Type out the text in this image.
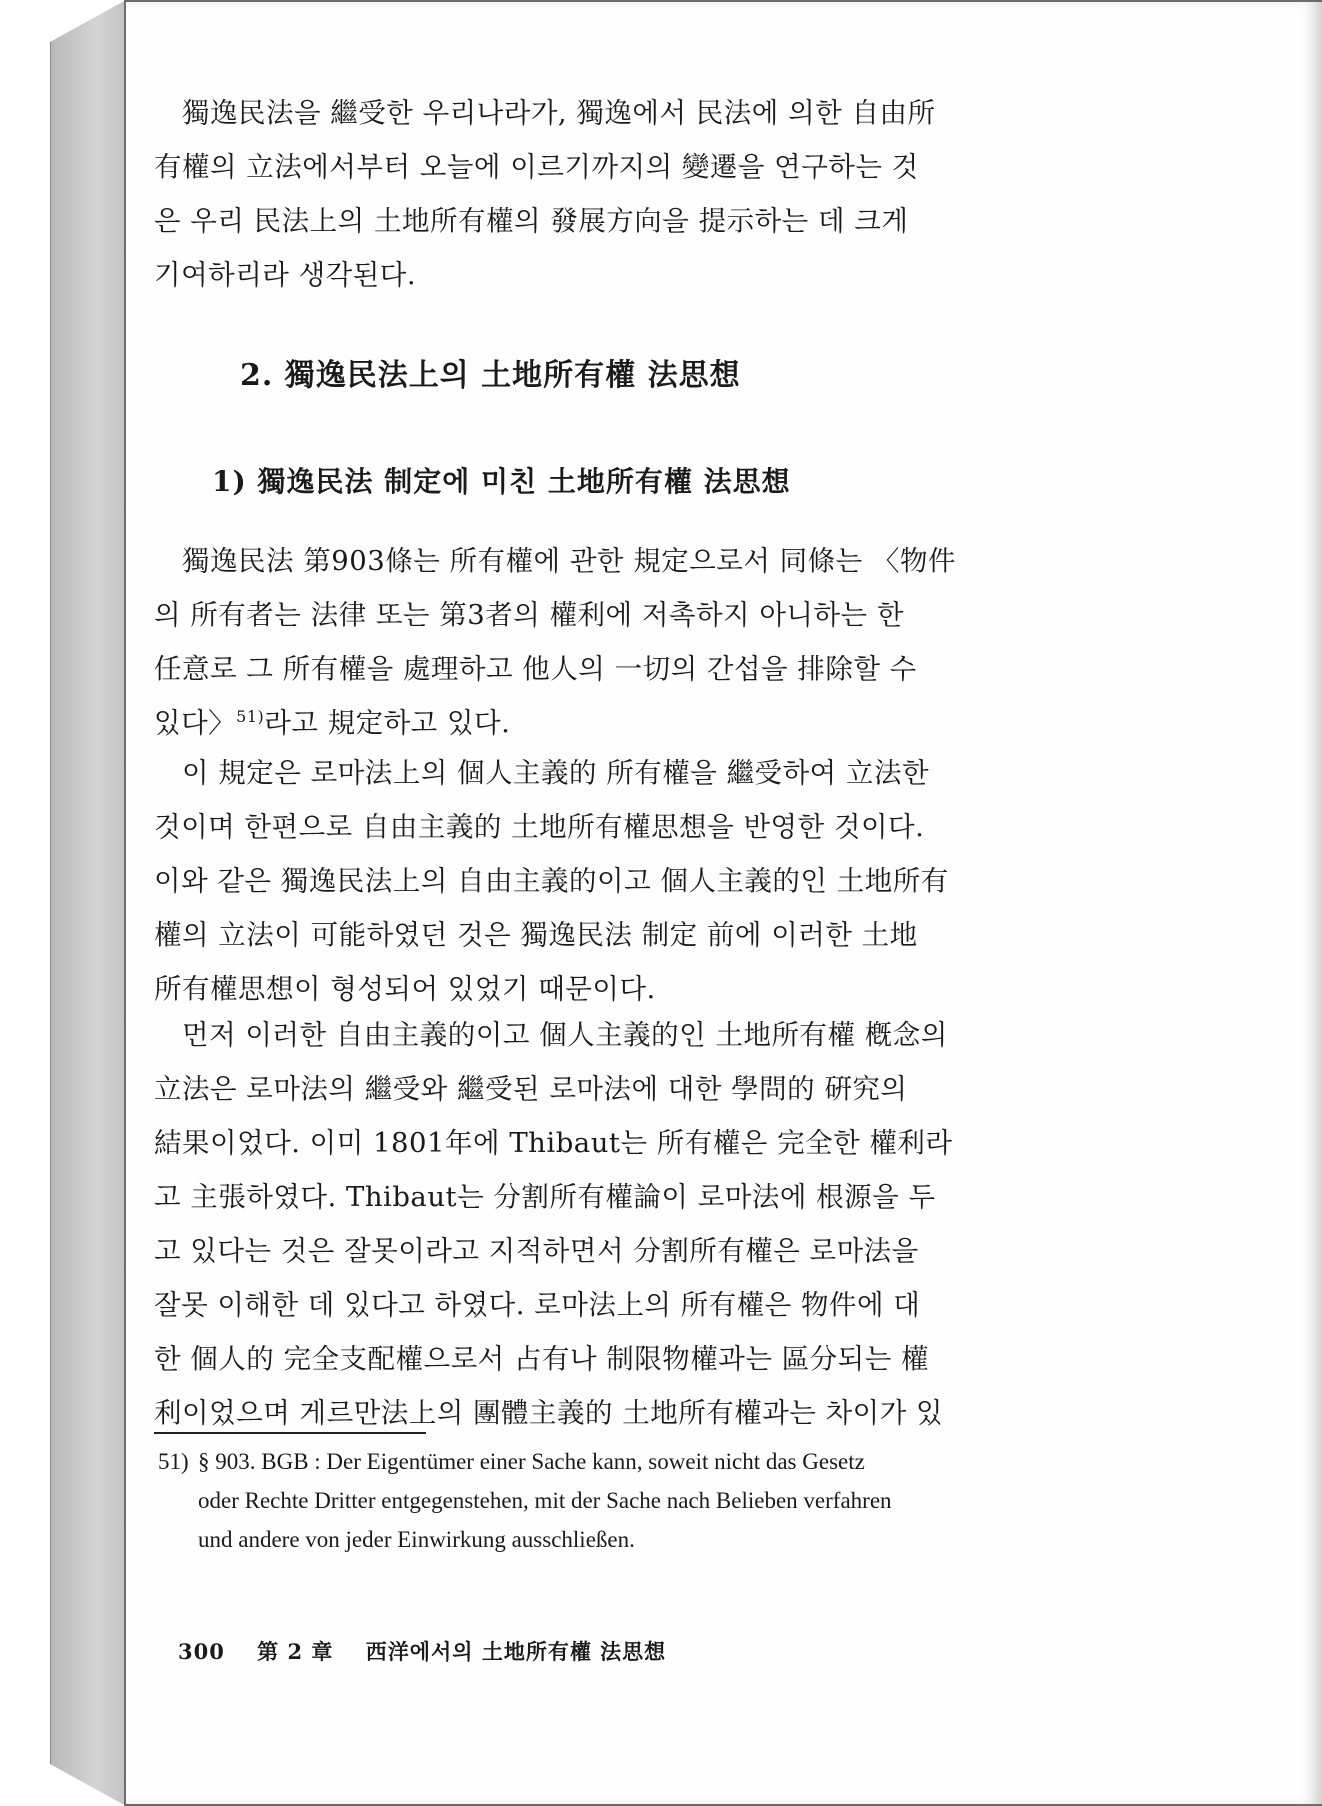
獨逸民法을 繼受한 우리나라가, 獨逸에서 民法에 의한 自由所

有權의 立法에서부터 오늘에 이르기까지의 變遷을 연구하는 것

은 우리 民法上의 土地所有權의 發展方向을 提示하는 데 크게

기여하리라 생각된다.

2. 獨逸民法上의 土地所有權 法思想
1) 獨逸民法 制定에 미친 土地所有權 法思想

獨逸民法 第903條는 所有權에 관한 規定으로서 同條는 〈物件

의 所有者는 法律 또는 第3者의 權利에 저촉하지 아니하는 한

任意로 그 所有權을 處理하고 他人의 一切의 간섭을 排除할 수

있다〉$^{51)}$라고 規定하고 있다.

이 規定은 로마法上의 個人主義的 所有權을 繼受하여 立法한

것이며 한편으로 自由主義的 土地所有權思想을 반영한 것이다.

이와 같은 獨逸民法上의 自由主義的이고 個人主義的인 土地所有

權의 立法이 可能하였던 것은 獨逸民法 制定 前에 이러한 土地

所有權思想이 형성되어 있었기 때문이다.

먼저 이러한 自由主義的이고 個人主義的인 土地所有權 槪念의

立法은 로마法의 繼受와 繼受된 로마法에 대한 學問的 硏究의

結果이었다. 이미 1801年에 Thibaut는 所有權은 完全한 權利라

고 主張하였다. Thibaut는 分割所有權論이 로마法에 根源을 두

고 있다는 것은 잘못이라고 지적하면서 分割所有權은 로마法을

잘못 이해한 데 있다고 하였다. 로마法上의 所有權은 物件에 대

한 個人的 完全支配權으로서 占有나 制限物權과는 區分되는 權

利이었으며 게르만法上의 團體主義的 土地所有權과는 차이가 있

51) § 903. BGB : Der Eigentümer einer Sache kann, soweit nicht das Gesetz

oder Rechte Dritter entgegenstehen, mit der Sache nach Belieben verfahren

und andere von jeder Einwirkung ausschließen.

300 第 2 章 西洋에서의 土地所有權 法思想
